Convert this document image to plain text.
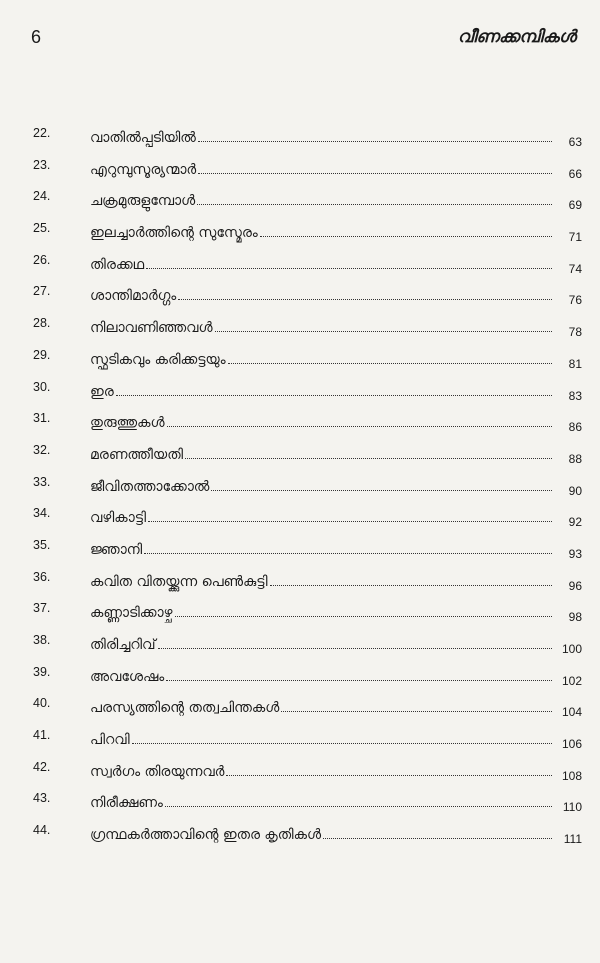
6	വീണക്കമ്പികൾ
22.	വാതിൽപ്പടിയിൽ	63
23.	എറുമ്പുസൂര്യന്മാർ	66
24.	ചക്രമുരുളുമ്പോൾ	69
25.	ഇലച്ചാർത്തിന്റെ സുസ്മേരം	71
26.	തിരക്കഥ	74
27.	ശാന്തിമാർഗ്ഗം	76
28.	നിലാവണിഞ്ഞവൾ	78
29.	സ്ഫടികവും കരിക്കട്ടയും	81
30.	ഇര	83
31.	തുരുത്തുകൾ	86
32.	മരണത്തീയതി	88
33.	ജീവിതത്താക്കോൽ	90
34.	വഴികാട്ടി	92
35.	ജ്ഞാനി	93
36.	കവിത വിതയ്ക്കുന്ന പെൺകുട്ടി	96
37.	കണ്ണാടിക്കാഴ്ച	98
38.	തിരിച്ചറിവ്	100
39.	അവശേഷം	102
40.	പരസ്യത്തിന്റെ തത്വചിന്തകൾ	104
41.	പിറവി	106
42.	സ്വർഗം തിരയുന്നവർ	108
43.	നിരീക്ഷണം	110
44.	ഗ്രന്ഥകർത്താവിന്റെ ഇതര കൃതികൾ	111
